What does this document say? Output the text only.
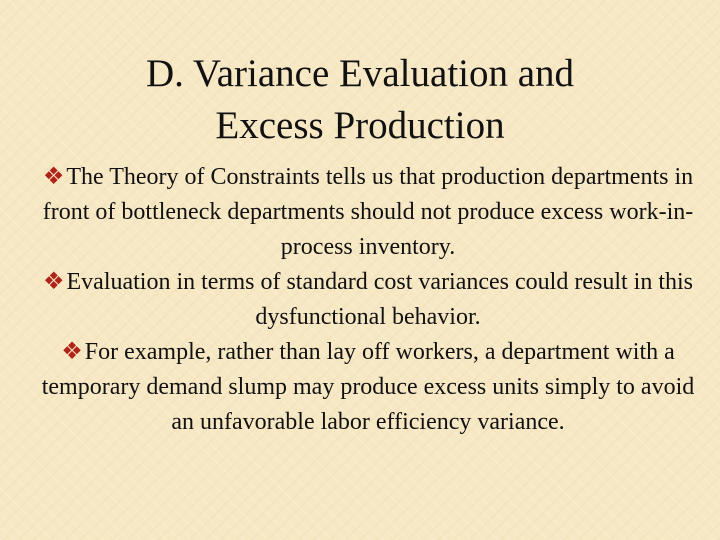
D. Variance Evaluation and
Excess Production

❖The Theory of Constraints tells us that production departments in front of bottleneck departments should not produce excess work-in-process inventory.

❖Evaluation in terms of standard cost variances could result in this dysfunctional behavior.

❖For example, rather than lay off workers, a department with a temporary demand slump may produce excess units simply to avoid an unfavorable labor efficiency variance.
